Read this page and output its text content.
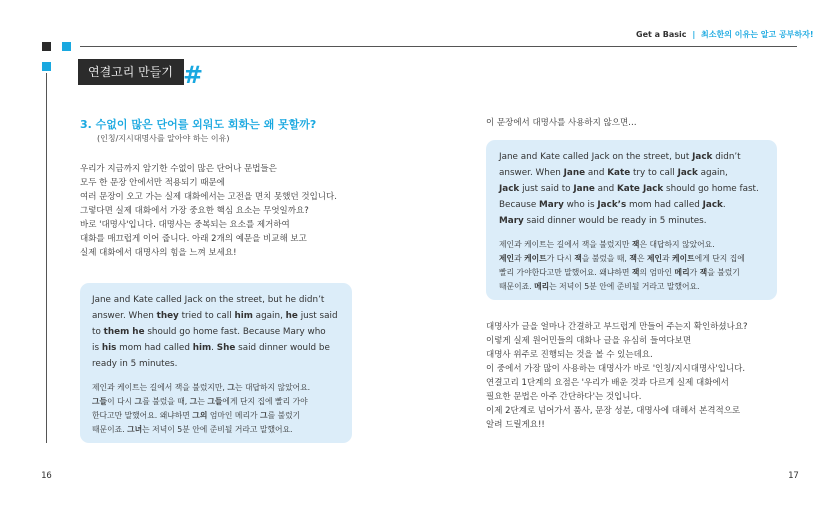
Get a Basic | 최소한의 이유는 알고 공부하자!
연결고리 만들기 1단계
#
3. 수없이 많은 단어를 외워도 회화는 왜 못할까?
(인칭/지시대명사를 알아야 하는 이유)

우리가 지금까지 암기한 수없이 많은 단어나 문법들은

모두 한 문장 안에서만 적용되기 때문에

여러 문장이 오고 가는 실제 대화에서는 고전을 면치 못했던 것입니다.

그렇다면 실제 대화에서 가장 중요한 핵심 요소는 무엇일까요?

바로 '대명사'입니다. 대명사는 중복되는 요소를 제거하여

대화를 매끄럽게 이어 줍니다. 아래 2개의 예문을 비교해 보고

실제 대화에서 대명사의 힘을 느껴 보세요!

Jane and Kate called Jack on the street, but he didn’t

answer. When they tried to call him again, he just said

to them he should go home fast. Because Mary who

is his mom had called him. She said dinner would be

ready in 5 minutes.

제인과 케이트는 길에서 잭을 불렀지만, 그는 대답하지 않았어요.

그들이 다시 그를 불렀을 때, 그는 그들에게 단지 집에 빨리 가야

한다고만 말했어요. 왜냐하면 그의 엄마인 메리가 그를 불렀기

때문이죠. 그녀는 저녁이 5분 안에 준비될 거라고 말했어요.

16
이 문장에서 대명사를 사용하지 않으면…

Jane and Kate called Jack on the street, but Jack didn’t

answer. When Jane and Kate try to call Jack again,

Jack just said to Jane and Kate Jack should go home fast.

Because Mary who is Jack’s mom had called Jack.

Mary said dinner would be ready in 5 minutes.

제인과 케이트는 길에서 잭을 불렀지만 잭은 대답하지 않았어요.

제인과 케이트가 다시 잭을 불렀을 때, 잭은 제인과 케이트에게 단지 집에

빨리 가야한다고만 말했어요. 왜냐하면 잭의 엄마인 메리가 잭을 불렀기

때문이죠. 메리는 저녁이 5분 안에 준비될 거라고 말했어요.

대명사가 글을 얼마나 간결하고 부드럽게 만들어 주는지 확인하셨나요?

이렇게 실제 원어민들의 대화나 글을 유심히 들여다보면

대명사 위주로 진행되는 것을 볼 수 있는데요.

이 중에서 가장 많이 사용하는 대명사가 바로 '인칭/지시대명사'입니다.

연결고리 1단계의 요점은 '우리가 배운 것과 다르게 실제 대화에서

필요한 문법은 아주 간단하다'는 것입니다.

이제 2단계로 넘어가서 품사, 문장 성분, 대명사에 대해서 본격적으로

알려 드릴게요!!

17
